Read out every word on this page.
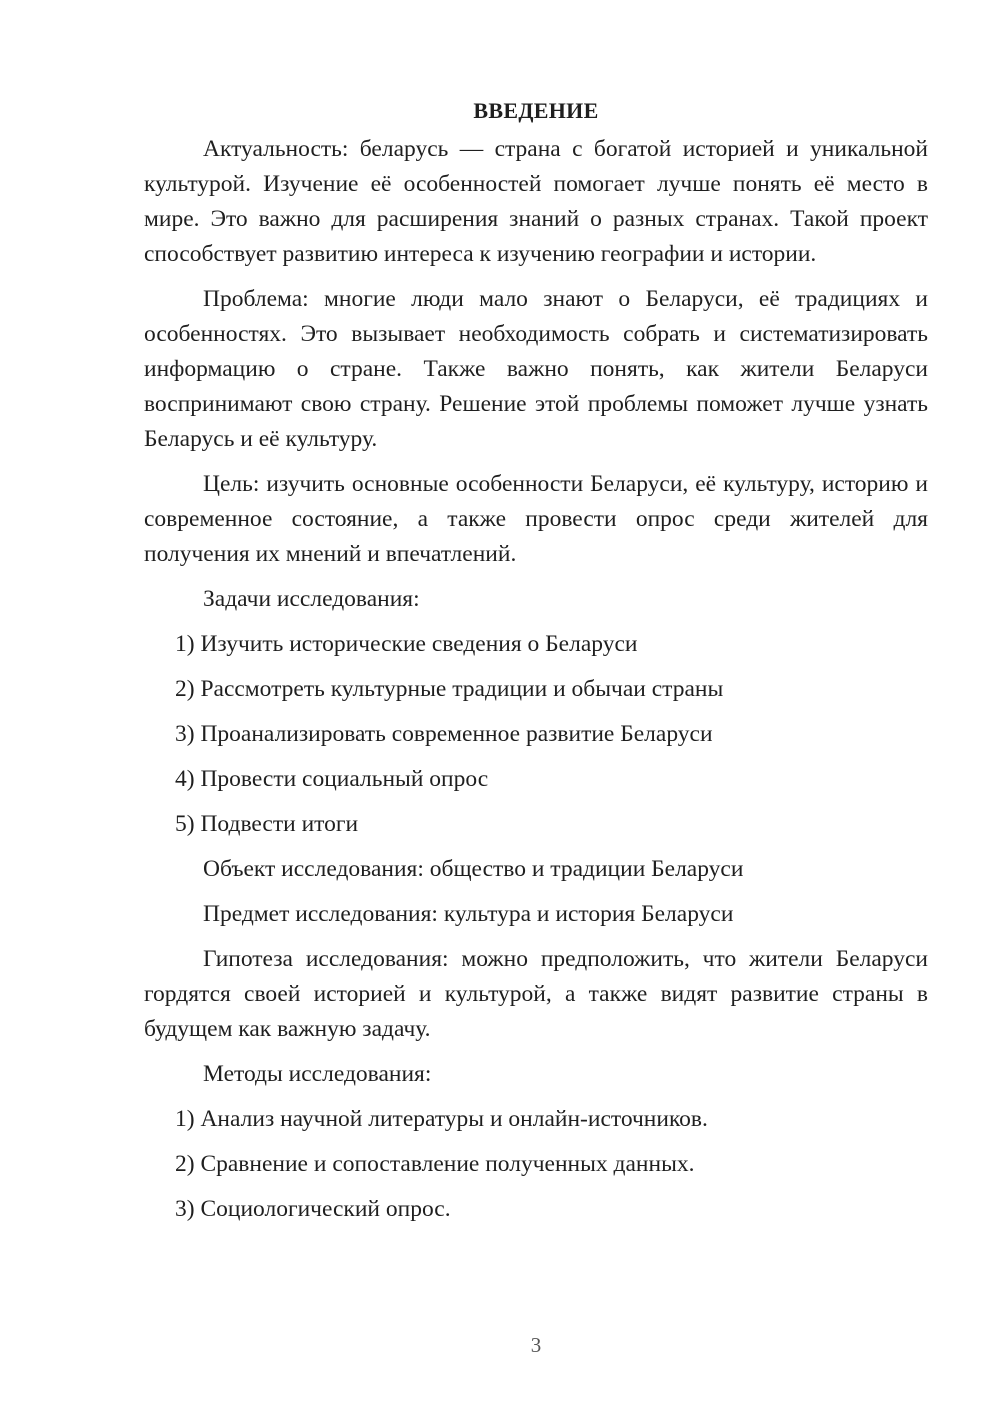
ВВЕДЕНИЕ

Актуальность: беларусь — страна с богатой историей и уникальной культурой. Изучение её особенностей помогает лучше понять её место в мире. Это важно для расширения знаний о разных странах. Такой проект способствует развитию интереса к изучению географии и истории.

Проблема: многие люди мало знают о Беларуси, её традициях и особенностях. Это вызывает необходимость собрать и систематизировать информацию о стране. Также важно понять, как жители Беларуси воспринимают свою страну. Решение этой проблемы поможет лучше узнать Беларусь и её культуру.

Цель: изучить основные особенности Беларуси, её культуру, историю и современное состояние, а также провести опрос среди жителей для получения их мнений и впечатлений.

Задачи исследования:
1) Изучить исторические сведения о Беларуси
2) Рассмотреть культурные традиции и обычаи страны
3) Проанализировать современное развитие Беларуси
4) Провести социальный опрос
5) Подвести итоги
Объект исследования: общество и традиции Беларуси
Предмет исследования: культура и история Беларуси

Гипотеза исследования: можно предположить, что жители Беларуси гордятся своей историей и культурой, а также видят развитие страны в будущем как важную задачу.

Методы исследования:
1) Анализ научной литературы и онлайн-источников.
2) Сравнение и сопоставление полученных данных.
3) Социологический опрос.
3
